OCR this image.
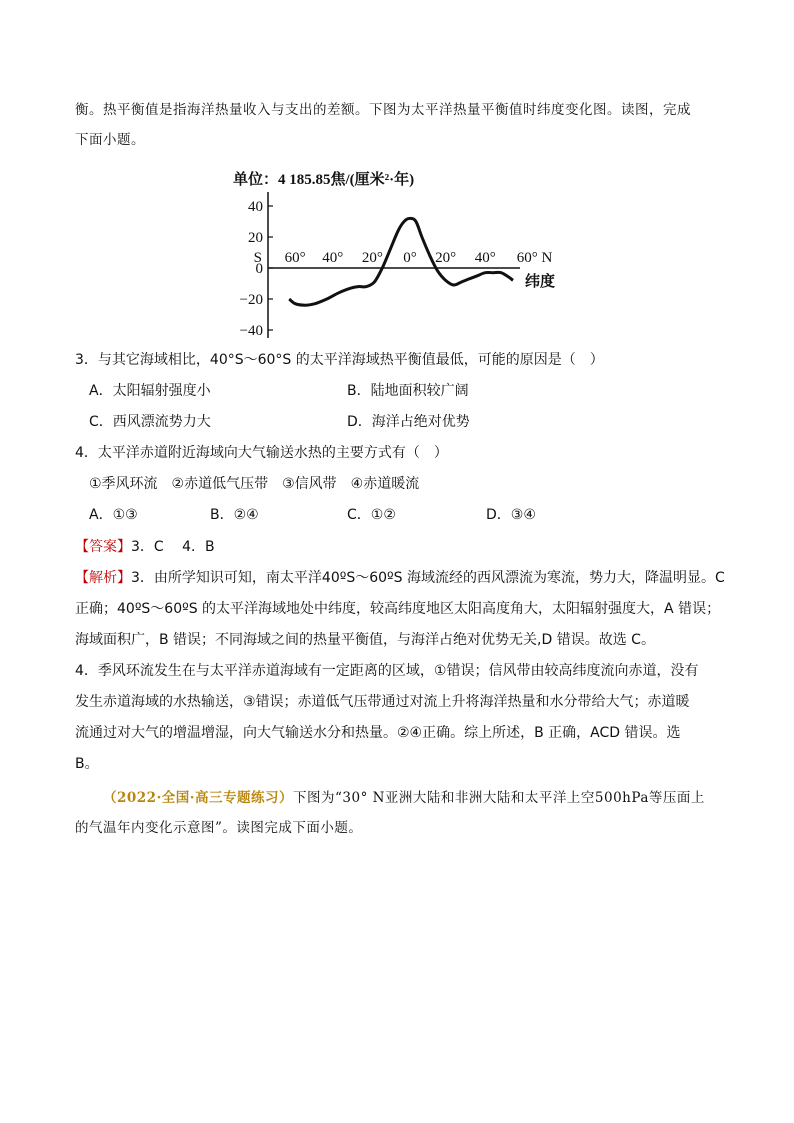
衡。热平衡值是指海洋热量收入与支出的差额。下图为太平洋热量平衡值时纬度变化图。读图，完成
下面小题。
单位：4 185.85焦/(厘米²·年)
40
20
0
−20
−40
S 60° 40° 20° 0° 20° 40° 60° N
纬度
3．与其它海域相比，40°S～60°S 的太平洋海域热平衡值最低，可能的原因是（　）
A．太阳辐射强度小	B．陆地面积较广阔
C．西风漂流势力大	D．海洋占绝对优势
4．太平洋赤道附近海域向大气输送水热的主要方式有（　）
①季风环流　②赤道低气压带　③信风带　④赤道暖流
A．①③	B．②④	C．①②	D．③④
【答案】3．C　 4．B
【解析】3．由所学知识可知，南太平洋40ºS～60ºS 海域流经的西风漂流为寒流，势力大，降温明显。C
正确；40ºS～60ºS 的太平洋海域地处中纬度，较高纬度地区太阳高度角大，太阳辐射强度大，A 错误；
海域面积广，B 错误；不同海域之间的热量平衡值，与海洋占绝对优势无关,D 错误。故选 C。
4．季风环流发生在与太平洋赤道海域有一定距离的区域，①错误；信风带由较高纬度流向赤道，没有
发生赤道海域的水热输送，③错误；赤道低气压带通过对流上升将海洋热量和水分带给大气；赤道暖
流通过对大气的增温增湿，向大气输送水分和热量。②④正确。综上所述，B 正确，ACD 错误。选
B。
（2022·全国·高三专题练习）下图为“30° N亚洲大陆和非洲大陆和太平洋上空500hPa等压面上
的气温年内变化示意图”。读图完成下面小题。
